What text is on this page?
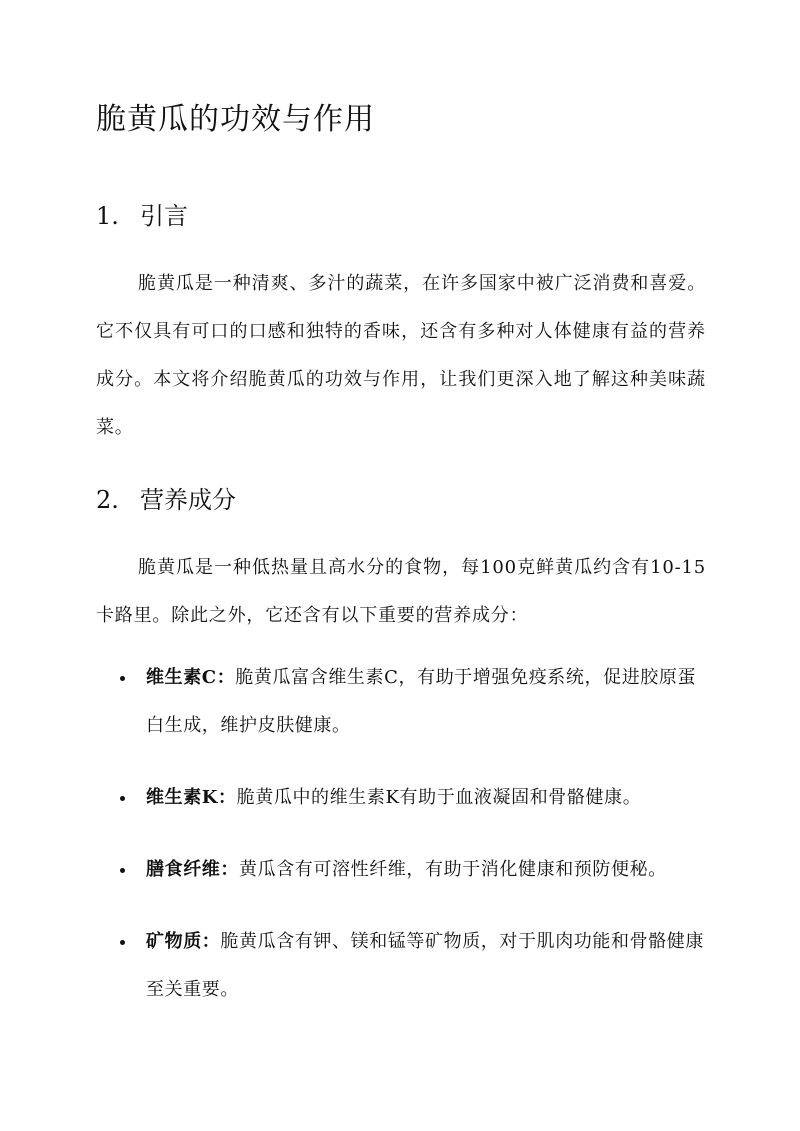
脆黄瓜的功效与作用
1. 引言

脆黄瓜是一种清爽、多汁的蔬菜，在许多国家中被广泛消费和喜爱。它不仅具有可口的口感和独特的香味，还含有多种对人体健康有益的营养成分。本文将介绍脆黄瓜的功效与作用，让我们更深入地了解这种美味蔬菜。

2. 营养成分

脆黄瓜是一种低热量且高水分的食物，每100克鲜黄瓜约含有10-15卡路里。除此之外，它还含有以下重要的营养成分：

维生素C：脆黄瓜富含维生素C，有助于增强免疫系统，促进胶原蛋白生成，维护皮肤健康。
维生素K：脆黄瓜中的维生素K有助于血液凝固和骨骼健康。
膳食纤维：黄瓜含有可溶性纤维，有助于消化健康和预防便秘。
矿物质：脆黄瓜含有钾、镁和锰等矿物质，对于肌肉功能和骨骼健康至关重要。
